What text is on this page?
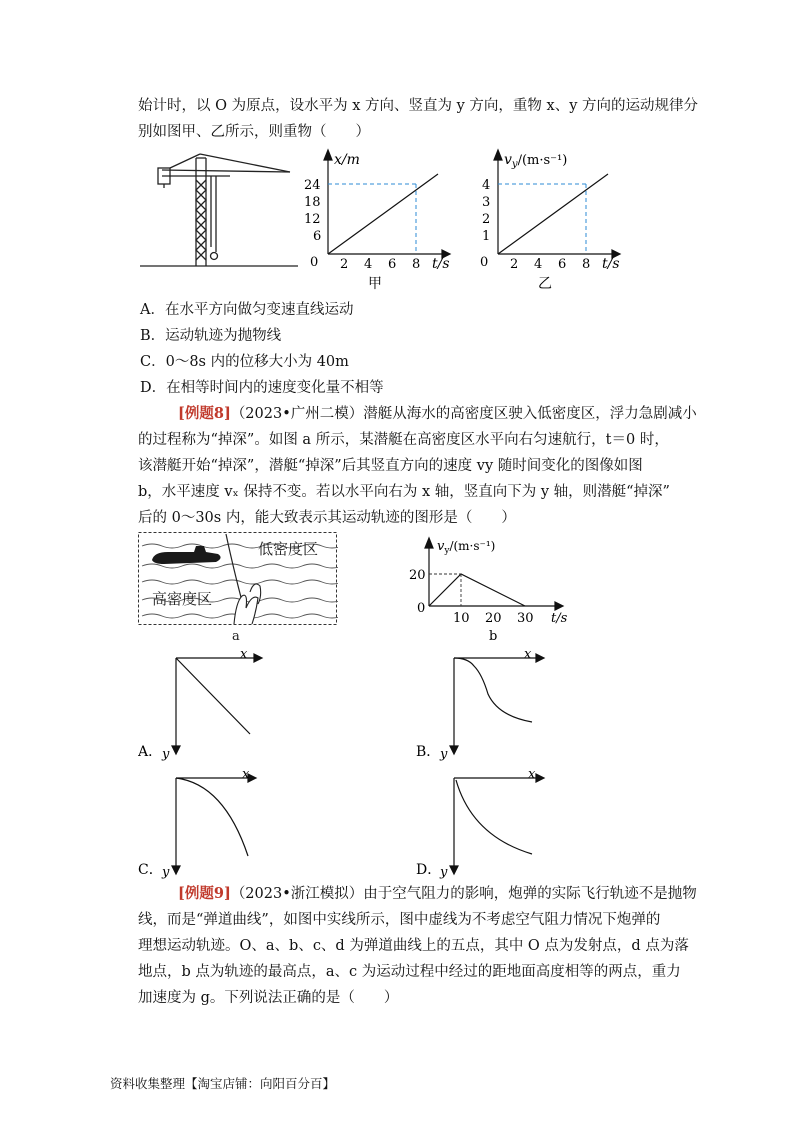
始计时，以 O 为原点，设水平为 x 方向、竖直为 y 方向，重物 x、y 方向的运动规律分
别如图甲、乙所示，则重物（　　）
x/m
24
18
12
6
0 2 4 6 8 t/s
甲
$v_y/(m\cdot s^{-1})$
4
3
2
1
0 2 4 6 8 t/s
乙
A．在水平方向做匀变速直线运动
B．运动轨迹为抛物线
C．0～8s 内的位移大小为 40m
D．在相等时间内的速度变化量不相等
[例题8]（2023•广州二模）潜艇从海水的高密度区驶入低密度区，浮力急剧减小
的过程称为“掉深”。如图 a 所示，某潜艇在高密度区水平向右匀速航行，t＝0 时，
该潜艇开始“掉深”，潜艇“掉深”后其竖直方向的速度 vy 随时间变化的图像如图
b，水平速度 vₓ 保持不变。若以水平向右为 x 轴，竖直向下为 y 轴，则潜艇“掉深”
后的 0～30s 内，能大致表示其运动轨迹的图形是（　　）
低密度区
高密度区
a
$v_y/(m\cdot s^{-1})$
20
0
10 20 30 t/s
b
x
y
A．
x
y
B．
x
y
C．
x
y
D．
[例题9]（2023•浙江模拟）由于空气阻力的影响，炮弹的实际飞行轨迹不是抛物
线，而是“弹道曲线”，如图中实线所示，图中虚线为不考虑空气阻力情况下炮弹的
理想运动轨迹。O、a、b、c、d 为弹道曲线上的五点，其中 O 点为发射点，d 点为落
地点，b 点为轨迹的最高点，a、c 为运动过程中经过的距地面高度相等的两点，重力
加速度为 g。下列说法正确的是（　　）
资料收集整理【淘宝店铺：向阳百分百】
